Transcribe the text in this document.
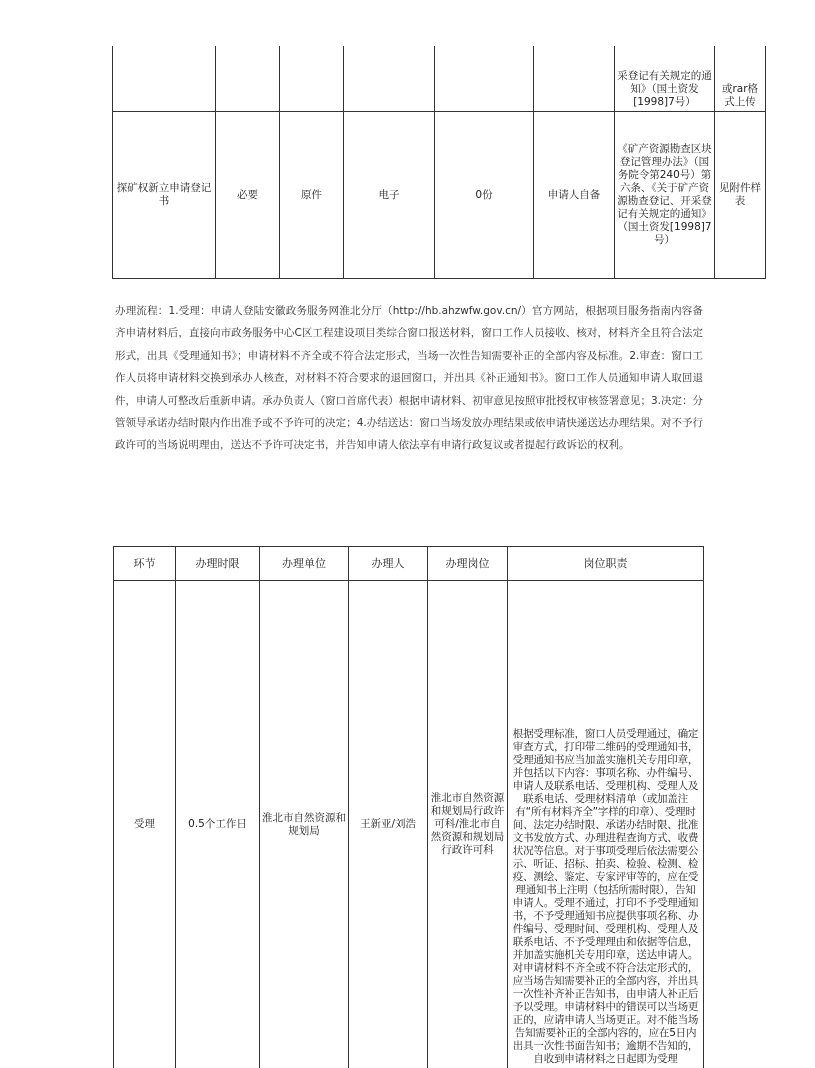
						采登记有关规定的通知》（国土资发[1998]7号）	或rar格式上传
探矿权新立申请登记书	必要	原件	电子	0份	申请人自备	《矿产资源勘查区块登记管理办法》（国务院令第240号）第六条、《关于矿产资源勘查登记、开采登记有关规定的通知》（国土资发[1998]7号）	见附件样表
办理流程：1.受理：申请人登陆安徽政务服务网淮北分厅（http://hb.ahzwfw.gov.cn/）官方网站，根据项目服务指南内容备齐申请材料后，直接向市政务服务中心C区工程建设项目类综合窗口报送材料，窗口工作人员接收、核对，材料齐全且符合法定形式，出具《受理通知书》；申请材料不齐全或不符合法定形式，当场一次性告知需要补正的全部内容及标准。2.审查：窗口工作人员将申请材料交换到承办人核查，对材料不符合要求的退回窗口，并出具《补正通知书》。窗口工作人员通知申请人取回退件，申请人可整改后重新申请。承办负责人（窗口首席代表）根据申请材料、初审意见按照审批授权审核签署意见；3.决定：分管领导承诺办结时限内作出准予或不予许可的决定；4.办结送达：窗口当场发放办理结果或依申请快递送达办理结果。对不予行政许可的当场说明理由，送达不予许可决定书，并告知申请人依法享有申请行政复议或者提起行政诉讼的权利。
环节	办理时限	办理单位	办理人	办理岗位	岗位职责
受理	0.5个工作日	淮北市自然资源和规划局	王新亚/刘浩	淮北市自然资源和规划局行政许可科/淮北市自然资源和规划局行政许可科	根据受理标准，窗口人员受理通过，确定审查方式，打印带二维码的受理通知书，受理通知书应当加盖实施机关专用印章，并包括以下内容：事项名称、办件编号、申请人及联系电话、受理机构、受理人及联系电话、受理材料清单（或加盖注有“所有材料齐全”字样的印章）、受理时间、法定办结时限、承诺办结时限、批准文书发放方式、办理进程查询方式、收费状况等信息。对于事项受理后依法需要公示、听证、招标、拍卖、检验、检测、检疫、测绘、鉴定、专家评审等的，应在受理通知书上注明（包括所需时限），告知申请人。受理不通过，打印不予受理通知书，不予受理通知书应提供事项名称、办件编号、受理时间、受理机构、受理人及联系电话、不予受理理由和依据等信息，并加盖实施机关专用印章，送达申请人。对申请材料不齐全或不符合法定形式的，应当场告知需要补正的全部内容，并出具一次性补齐补正告知书，由申请人补正后予以受理。申请材料中的错误可以当场更正的，应请申请人当场更正。对不能当场告知需要补正的全部内容的，应在5日内出具一次性书面告知书；逾期不告知的，自收到申请材料之日起即为受理
